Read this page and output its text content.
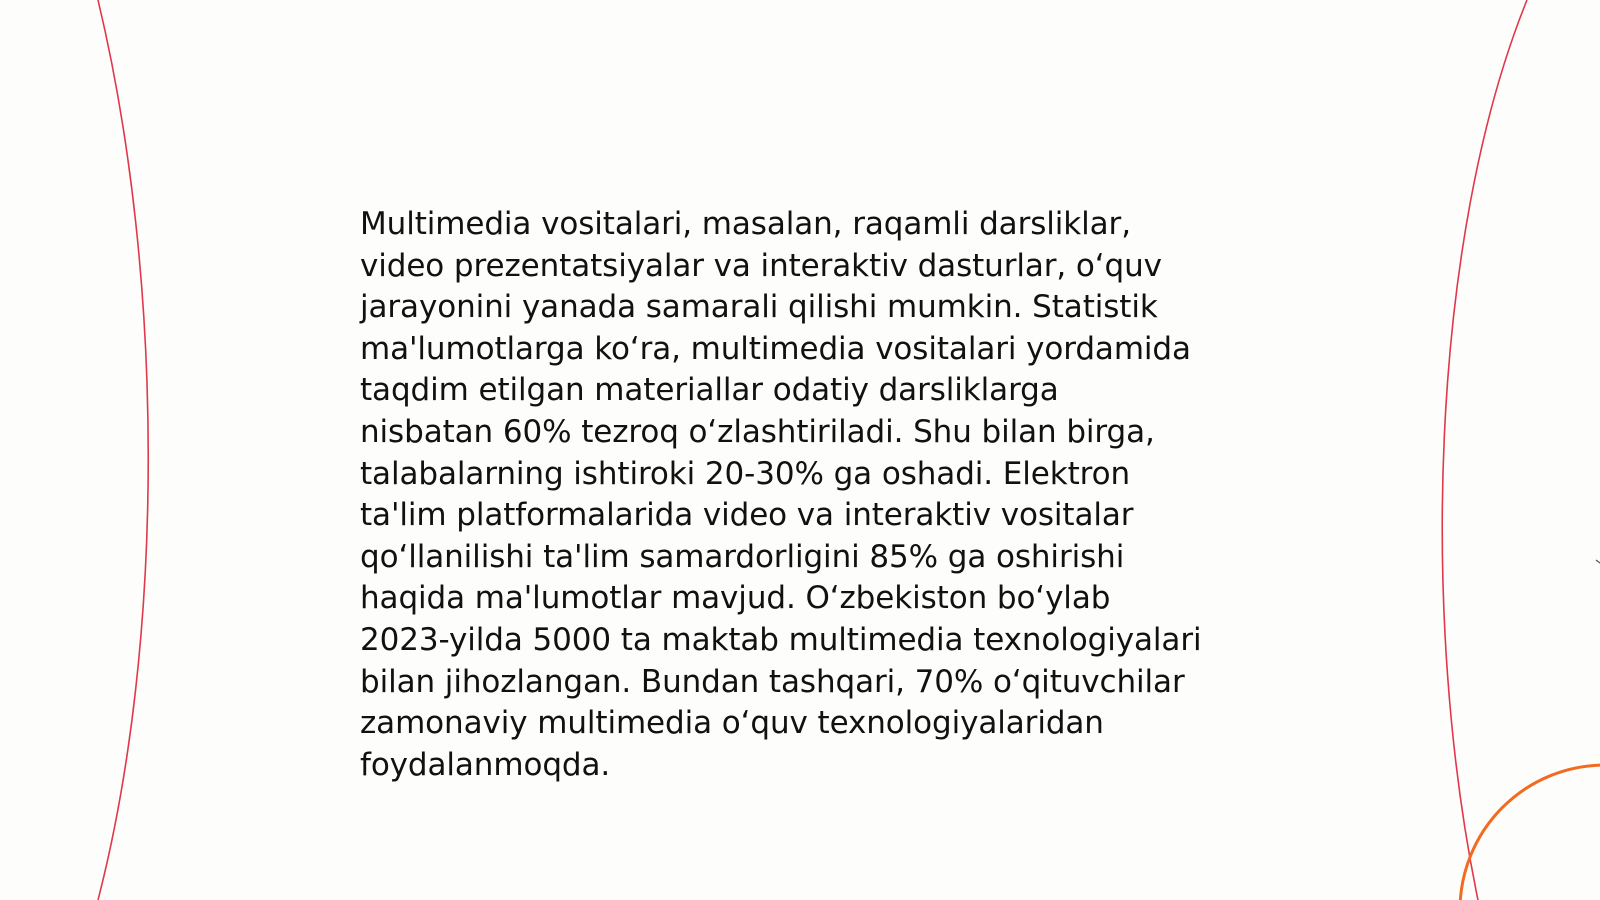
Multimedia vositalari, masalan, raqamli darsliklar,
video prezentatsiyalar va interaktiv dasturlar, o‘quv
jarayonini yanada samarali qilishi mumkin. Statistik
ma'lumotlarga ko‘ra, multimedia vositalari yordamida
taqdim etilgan materiallar odatiy darsliklarga
nisbatan 60% tezroq o‘zlashtiriladi. Shu bilan birga,
talabalarning ishtiroki 20-30% ga oshadi. Elektron
ta'lim platformalarida video va interaktiv vositalar
qo‘llanilishi ta'lim samardorligini 85% ga oshirishi
haqida ma'lumotlar mavjud. O‘zbekiston bo‘ylab
2023-yilda 5000 ta maktab multimedia texnologiyalari
bilan jihozlangan. Bundan tashqari, 70% o‘qituvchilar
zamonaviy multimedia o‘quv texnologiyalaridan
foydalanmoqda.
